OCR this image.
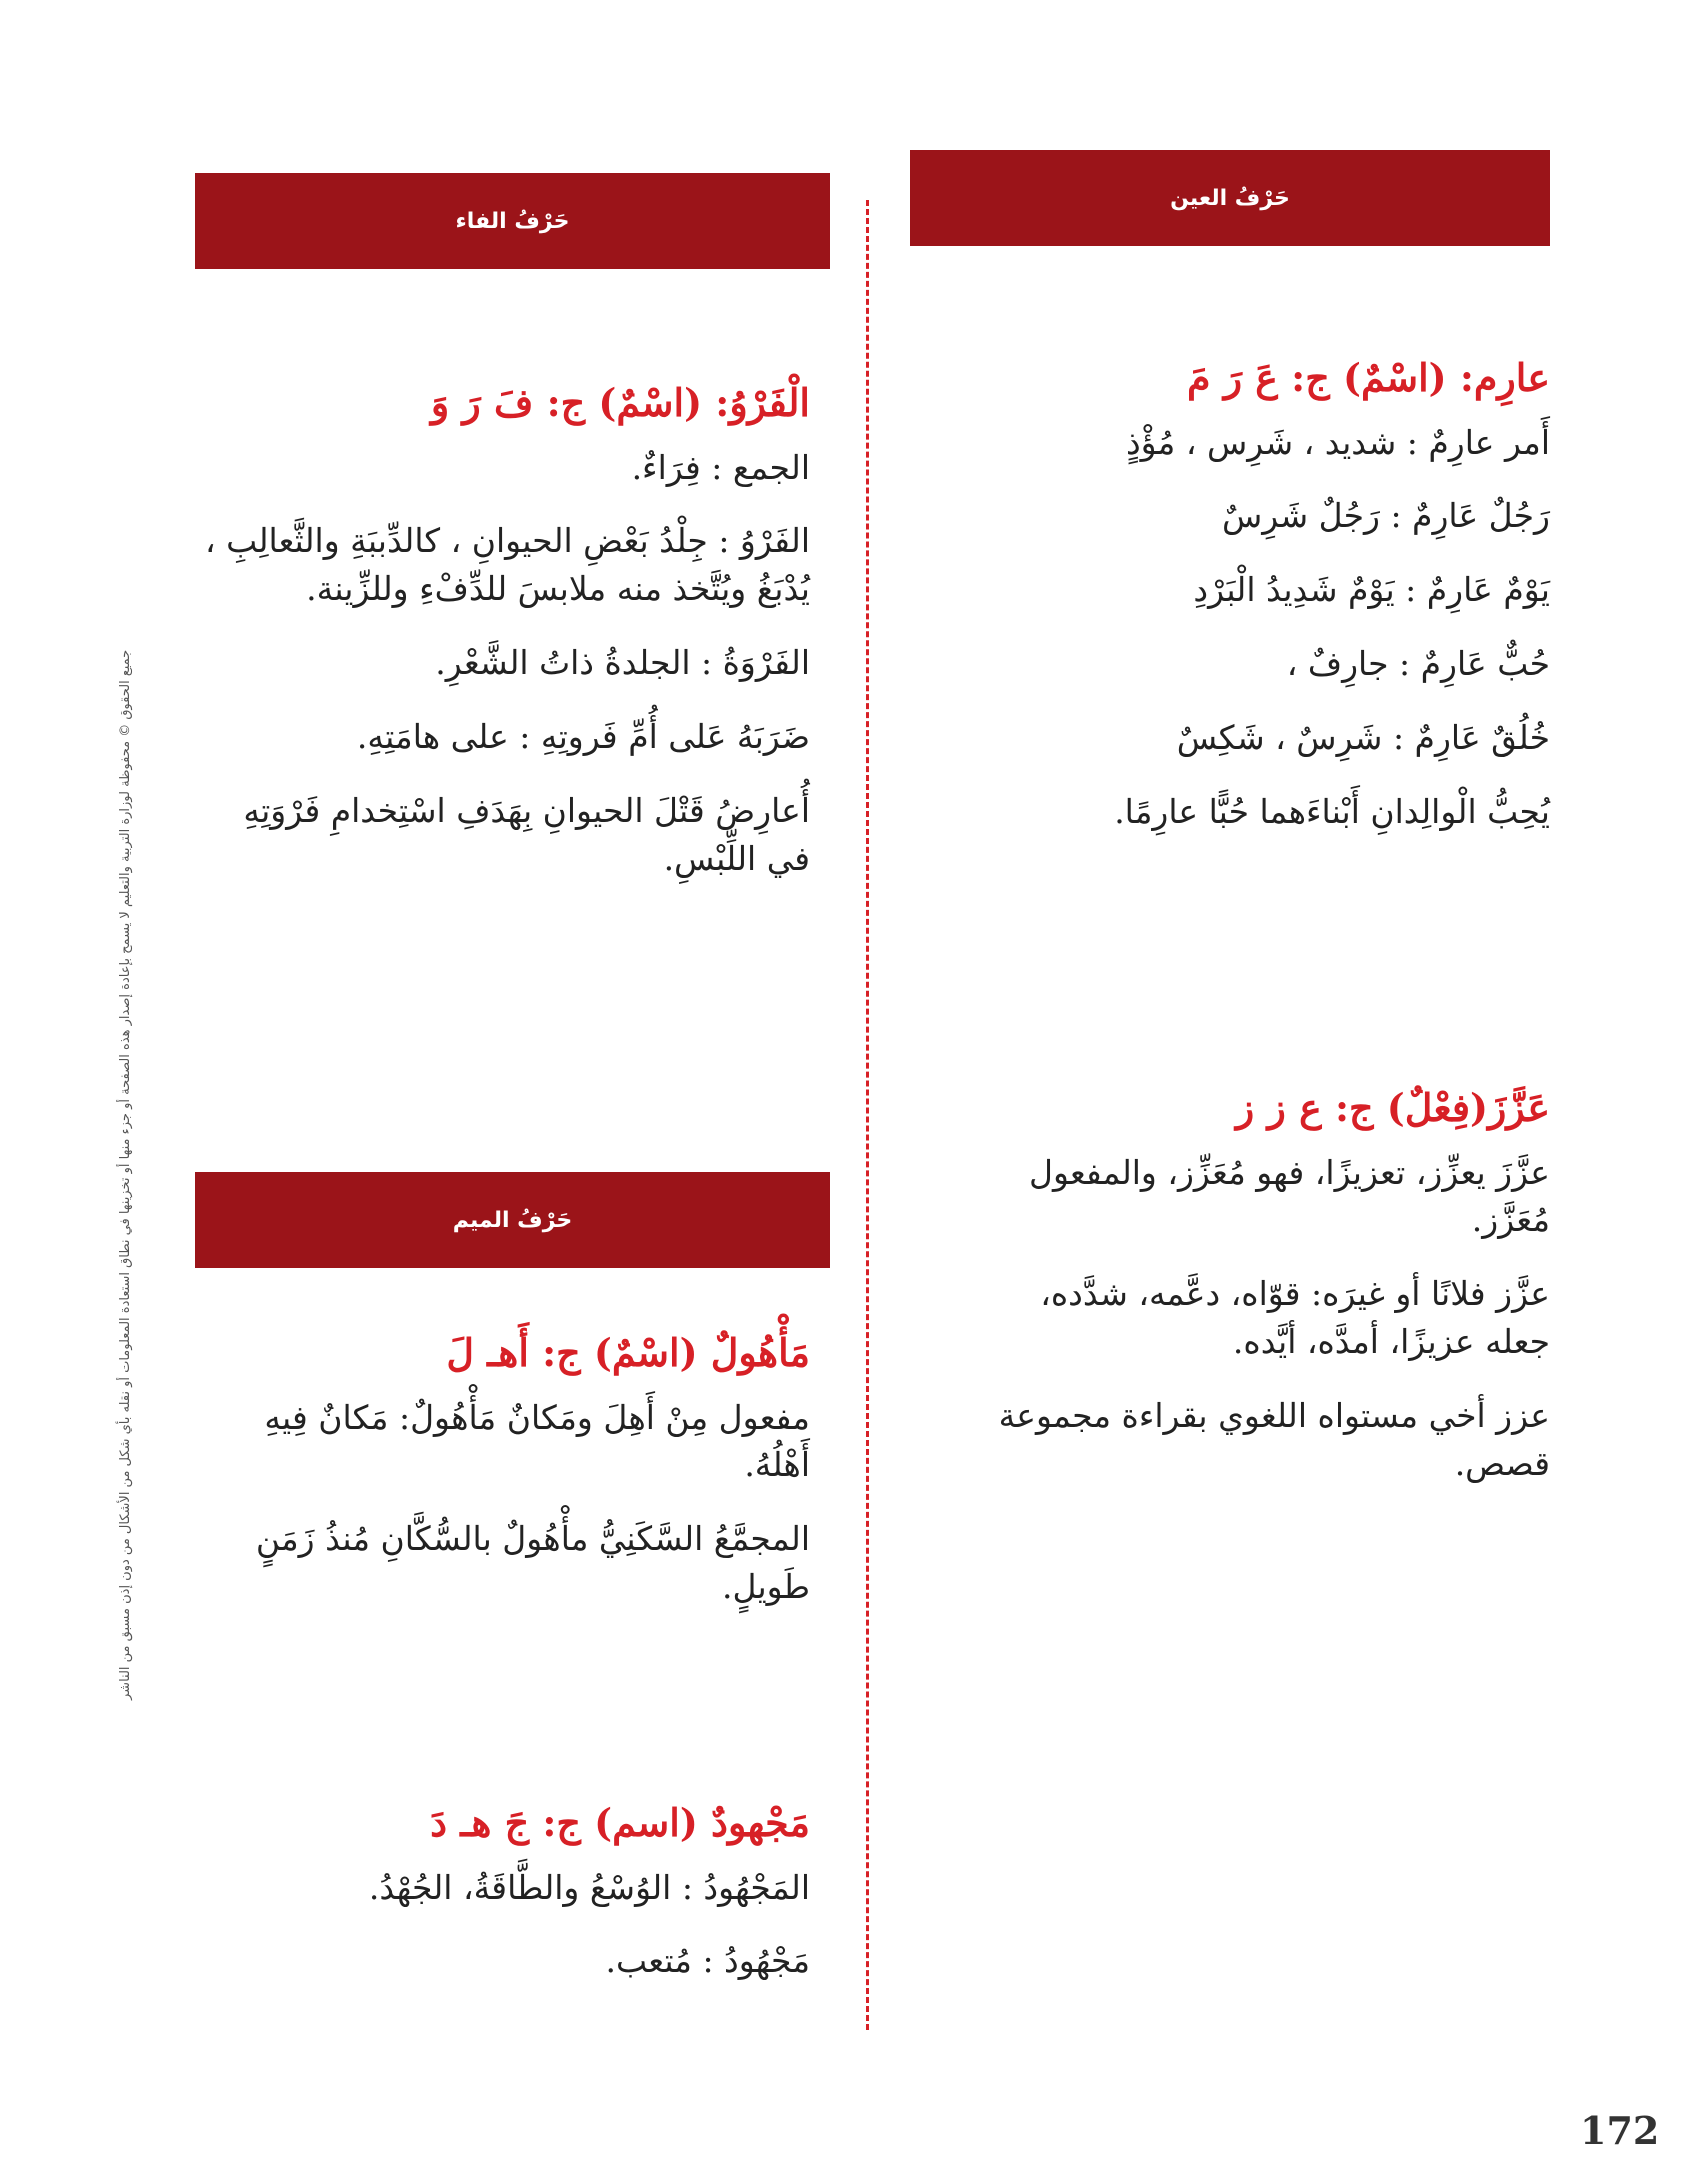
حَرْفُ العين
عارِم: (اسْمٌ) ج: عَ رَ مَ
أَمر عارِمٌ : شديد ، شَرِس ، مُؤْذٍ
رَجُلٌ عَارِمٌ : رَجُلٌ شَرِسٌ
يَوْمٌ عَارِمٌ : يَوْمٌ شَدِيدُ الْبَرْدِ
حُبٌّ عَارِمٌ : جارِفٌ ،
خُلُقٌ عَارِمٌ : شَرِسٌ ، شَكِسٌ
يُحِبُّ الْوالِدانِ أَبْناءَهما حُبًّا عارِمًا.
عَزَّزَ(فِعْلٌ) ج: ع ز ز
عزَّزَ يعزِّز، تعزيزًا، فهو مُعَزِّز، والمفعول مُعَزَّز.
عزَّز فلانًا أو غيرَه: قوّاه، دعَّمه، شدَّده، جعله عزيزًا، أمدَّه، أيَّده.
عزز أخي مستواه اللغوي بقراءة مجموعة قصص.
حَرْفُ الفاء
الْفَرْوُ: (اسْمٌ) ج: فَ رَ وَ
الجمع : فِرَاءٌ.
الفَرْوُ : جِلْدُ بَعْضِ الحيوانِ ، كالدِّببَةِ والثَّعالِبِ ، يُدْبَغُ ويُتَّخذ منه ملابسَ للدِّفْءِ وللزِّينة.
الفَرْوَةُ : الجلدةُ ذاتُ الشَّعْرِ.
ضَرَبَهُ عَلى أُمِّ فَروتِهِ : على هامَتِهِ.
أُعارِضُ قَتْلَ الحيوانِ بِهَدَفِ اسْتِخدامِ فَرْوَتِهِ في اللِّبْسِ.
حَرْفُ الميم
مَأْهُولٌ (اسْمٌ) ج: أَهـ لَ
مفعول مِنْ أَهِلَ ومَكانٌ مَأْهُولٌ: مَكانٌ فِيهِ أَهْلُهُ.
المجمَّعُ السَّكَنِيُّ مأْهُولٌ بالسُّكَّانِ مُنذُ زَمَنٍ طَويلٍ.
مَجْهودٌ (اسم) ج: جَ هـ دَ
المَجْهُودُ : الوُسْعُ والطَّاقَةُ، الجُهْدُ.
مَجْهُودُ : مُتعب.
جميع الحقوق © محفوظة لوزارة التربية والتعليم لا يسمح بإعادة إصدار هذه الصفحة أو جزء منها أو تخزينها في نطاق استعادة المعلومات أو نقله بأي شكل من الأشكال من دون إذن مسبق من الناشر
172
